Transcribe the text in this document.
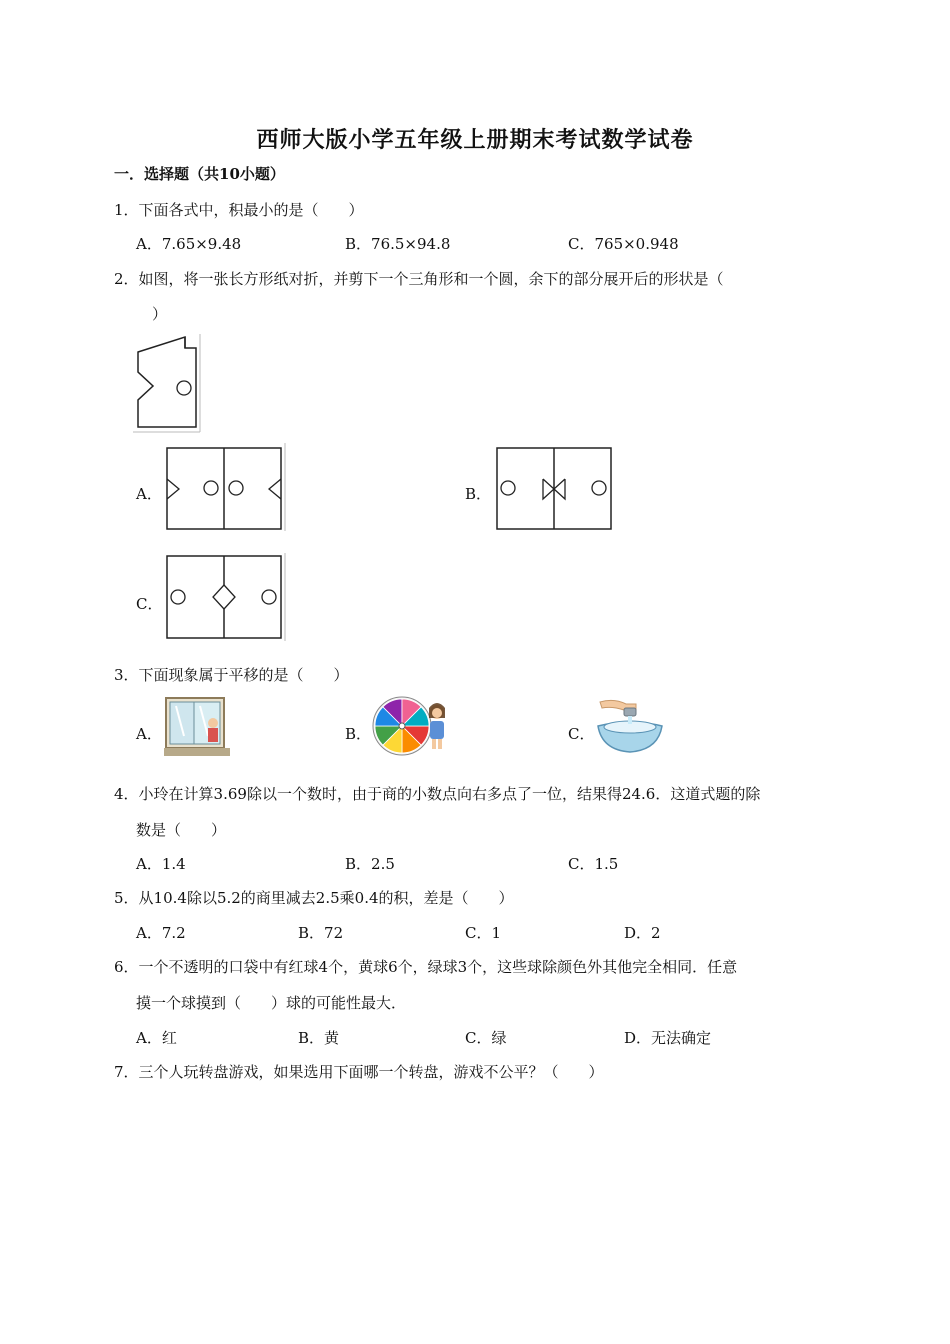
西师大版小学五年级上册期末考试数学试卷
一．选择题（共10小题）
1．下面各式中，积最小的是（　　）
A．7.65×9.48	B．76.5×94.8	C．765×0.948
2．如图，将一张长方形纸对折，并剪下一个三角形和一个圆，余下的部分展开后的形状是（
）
A．	B．
C．
3．下面现象属于平移的是（　　）
A．	B．	C．
4．小玲在计算3.69除以一个数时，由于商的小数点向右多点了一位，结果得24.6．这道式题的除
数是（　　）
A．1.4	B．2.5	C．1.5
5．从10.4除以5.2的商里减去2.5乘0.4的积，差是（　　）
A．7.2	B．72	C．1	D．2
6．一个不透明的口袋中有红球4个，黄球6个，绿球3个，这些球除颜色外其他完全相同．任意
摸一个球摸到（　　）球的可能性最大．
A．红	B．黄	C．绿	D．无法确定
7．三个人玩转盘游戏，如果选用下面哪一个转盘，游戏不公平？（　　）
